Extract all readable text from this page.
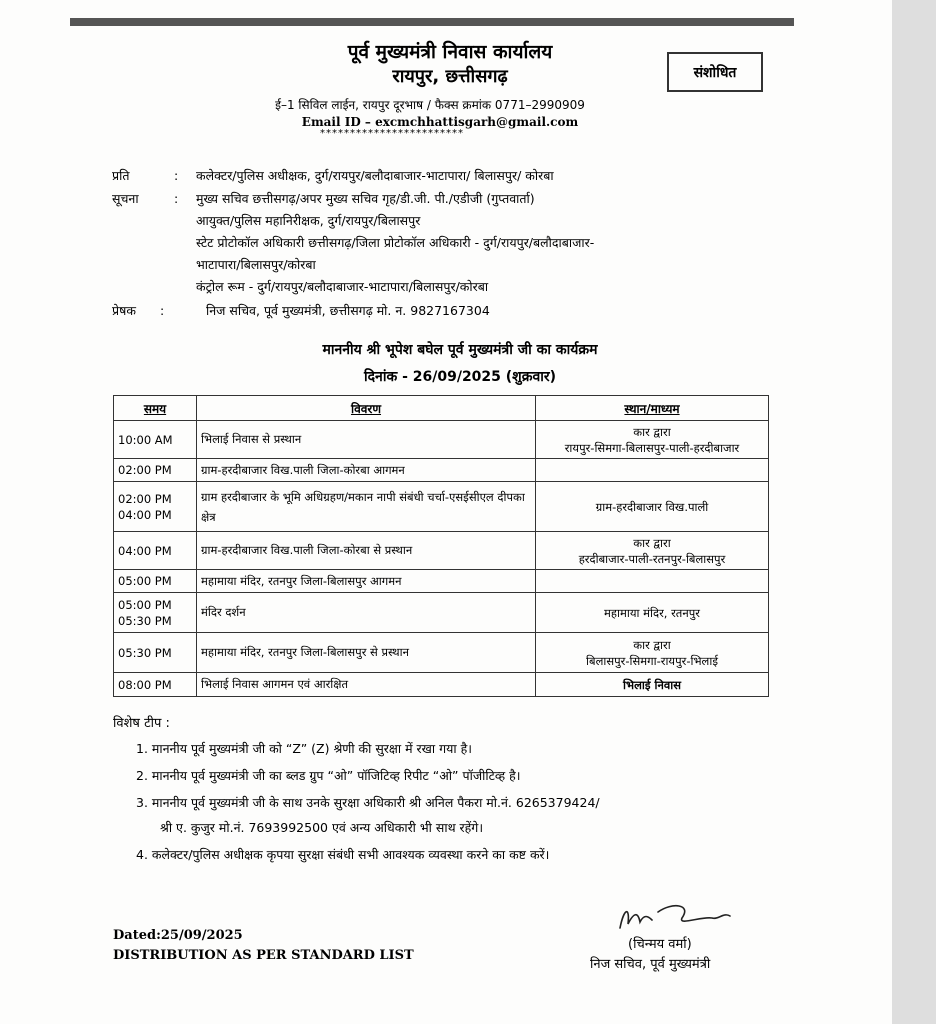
पूर्व मुख्यमंत्री निवास कार्यालय
रायपुर, छत्तीसगढ़
ई–1 सिविल लाईन, रायपुर दूरभाष / फैक्स क्रमांक 0771–2990909
Email ID – excmchhattisgarh@gmail.com
************************
संशोधित
प्रति	: कलेक्टर/पुलिस अधीक्षक, दुर्ग/रायपुर/बलौदाबाजार-भाटापारा/ बिलासपुर/ कोरबा
सूचना	: मुख्य सचिव छत्तीसगढ़/अपर मुख्य सचिव गृह/डी.जी. पी./एडीजी (गुप्तवार्ता)
आयुक्त/पुलिस महानिरीक्षक, दुर्ग/रायपुर/बिलासपुर
स्टेट प्रोटोकॉल अधिकारी छत्तीसगढ़/जिला प्रोटोकॉल अधिकारी - दुर्ग/रायपुर/बलौदाबाजार-
भाटापारा/बिलासपुर/कोरबा
कंट्रोल रूम - दुर्ग/रायपुर/बलौदाबाजार-भाटापारा/बिलासपुर/कोरबा
प्रेषक :	निज सचिव, पूर्व मुख्यमंत्री, छत्तीसगढ़ मो. न. 9827167304
माननीय श्री भूपेश बघेल पूर्व मुख्यमंत्री जी का कार्यक्रम
दिनांक - 26/09/2025 (शुक्रवार)
समय	विवरण	स्थान/माध्यम

10:00 AM	भिलाई निवास से प्रस्थान	कार द्वारा
रायपुर-सिमगा-बिलासपुर-पाली-हरदीबाजार

02:00 PM	ग्राम-हरदीबाजार विख.पाली जिला-कोरबा आगमन	

02:00 PM
04:00 PM	ग्राम हरदीबाजार के भूमि अधिग्रहण/मकान नापी संबंधी चर्चा-एसईसीएल दीपका क्षेत्र	ग्राम-हरदीबाजार विख.पाली

04:00 PM	ग्राम-हरदीबाजार विख.पाली जिला-कोरबा से प्रस्थान	कार द्वारा
हरदीबाजार-पाली-रतनपुर-बिलासपुर

05:00 PM	महामाया मंदिर, रतनपुर जिला-बिलासपुर आगमन	

05:00 PM
05:30 PM	मंदिर दर्शन	महामाया मंदिर, रतनपुर

05:30 PM	महामाया मंदिर, रतनपुर जिला-बिलासपुर से प्रस्थान	कार द्वारा
बिलासपुर-सिमगा-रायपुर-भिलाई

08:00 PM	भिलाई निवास आगमन एवं आरक्षित	भिलाई निवास
विशेष टीप :
1. माननीय पूर्व मुख्यमंत्री जी को “Z” (Z) श्रेणी की सुरक्षा में रखा गया है।
2. माननीय पूर्व मुख्यमंत्री जी का ब्लड ग्रुप “ओ” पॉजिटिव्ह रिपीट “ओ” पॉजीटिव्ह है।
3. माननीय पूर्व मुख्यमंत्री जी के साथ उनके सुरक्षा अधिकारी श्री अनिल पैकरा मो.नं. 6265379424/
श्री ए. कुजुर मो.नं. 7693992500 एवं अन्य अधिकारी भी साथ रहेंगे।
4. कलेक्टर/पुलिस अधीक्षक कृपया सुरक्षा संबंधी सभी आवश्यक व्यवस्था करने का कष्ट करें।
Dated:25/09/2025
DISTRIBUTION AS PER STANDARD LIST
(चिन्मय वर्मा)
निज सचिव, पूर्व मुख्यमंत्री
